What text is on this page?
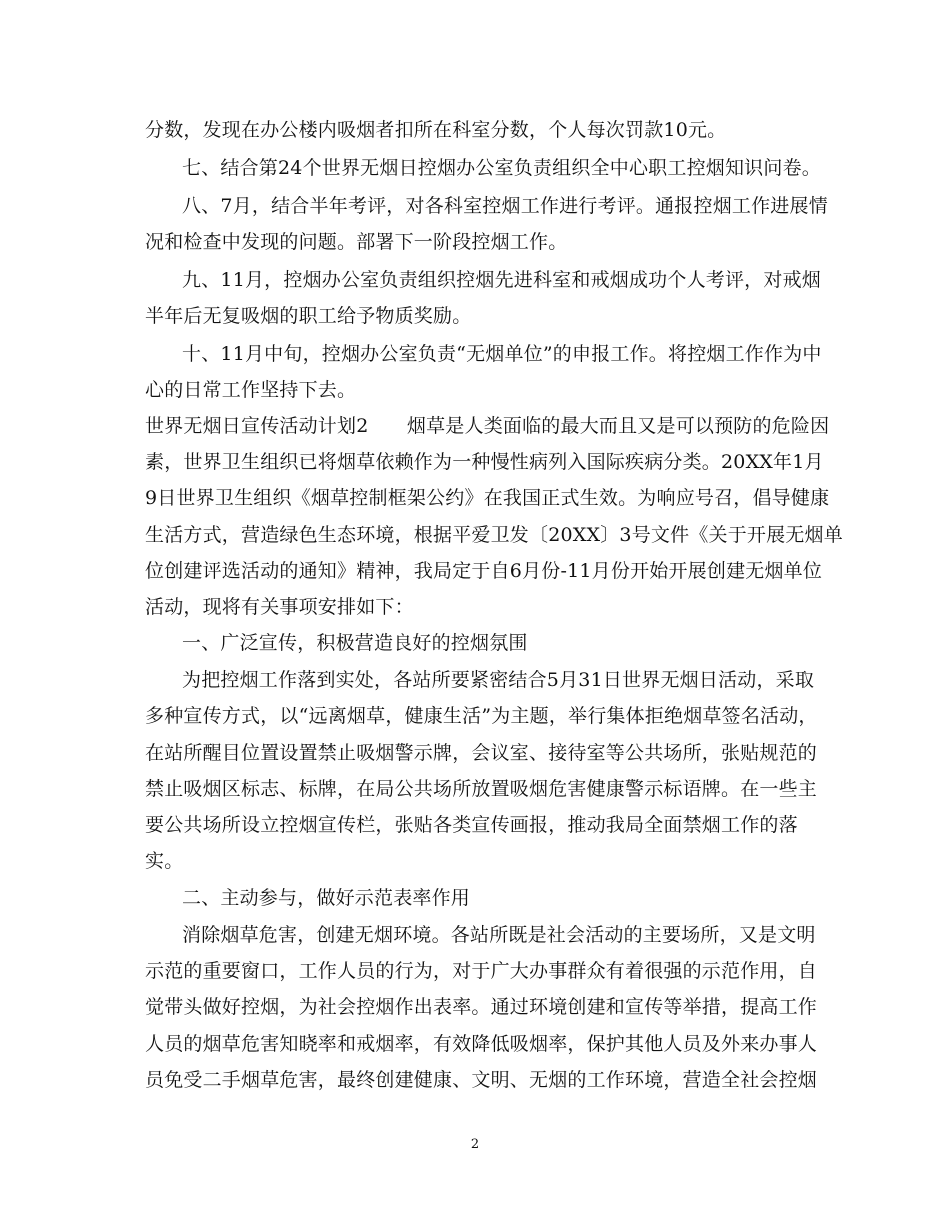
分数，发现在办公楼内吸烟者扣所在科室分数，个人每次罚款10元。
七、结合第24个世界无烟日控烟办公室负责组织全中心职工控烟知识问卷。
八、7月，结合半年考评，对各科室控烟工作进行考评。通报控烟工作进展情
况和检查中发现的问题。部署下一阶段控烟工作。
九、11月，控烟办公室负责组织控烟先进科室和戒烟成功个人考评，对戒烟
半年后无复吸烟的职工给予物质奖励。
十、11月中旬，控烟办公室负责“无烟单位”的申报工作。将控烟工作作为中
心的日常工作坚持下去。
世界无烟日宣传活动计划2　　烟草是人类面临的最大而且又是可以预防的危险因
素，世界卫生组织已将烟草依赖作为一种慢性病列入国际疾病分类。20XX年1月
9日世界卫生组织《烟草控制框架公约》在我国正式生效。为响应号召，倡导健康
生活方式，营造绿色生态环境，根据平爱卫发〔20XX〕3号文件《关于开展无烟单
位创建评选活动的通知》精神，我局定于自6月份-11月份开始开展创建无烟单位
活动，现将有关事项安排如下：
一、广泛宣传，积极营造良好的控烟氛围
为把控烟工作落到实处，各站所要紧密结合5月31日世界无烟日活动，采取
多种宣传方式，以“远离烟草，健康生活”为主题，举行集体拒绝烟草签名活动，
在站所醒目位置设置禁止吸烟警示牌，会议室、接待室等公共场所，张贴规范的
禁止吸烟区标志、标牌，在局公共场所放置吸烟危害健康警示标语牌。在一些主
要公共场所设立控烟宣传栏，张贴各类宣传画报，推动我局全面禁烟工作的落
实。
二、主动参与，做好示范表率作用
消除烟草危害，创建无烟环境。各站所既是社会活动的主要场所，又是文明
示范的重要窗口，工作人员的行为，对于广大办事群众有着很强的示范作用，自
觉带头做好控烟，为社会控烟作出表率。通过环境创建和宣传等举措，提高工作
人员的烟草危害知晓率和戒烟率，有效降低吸烟率，保护其他人员及外来办事人
员免受二手烟草危害，最终创建健康、文明、无烟的工作环境，营造全社会控烟
2
